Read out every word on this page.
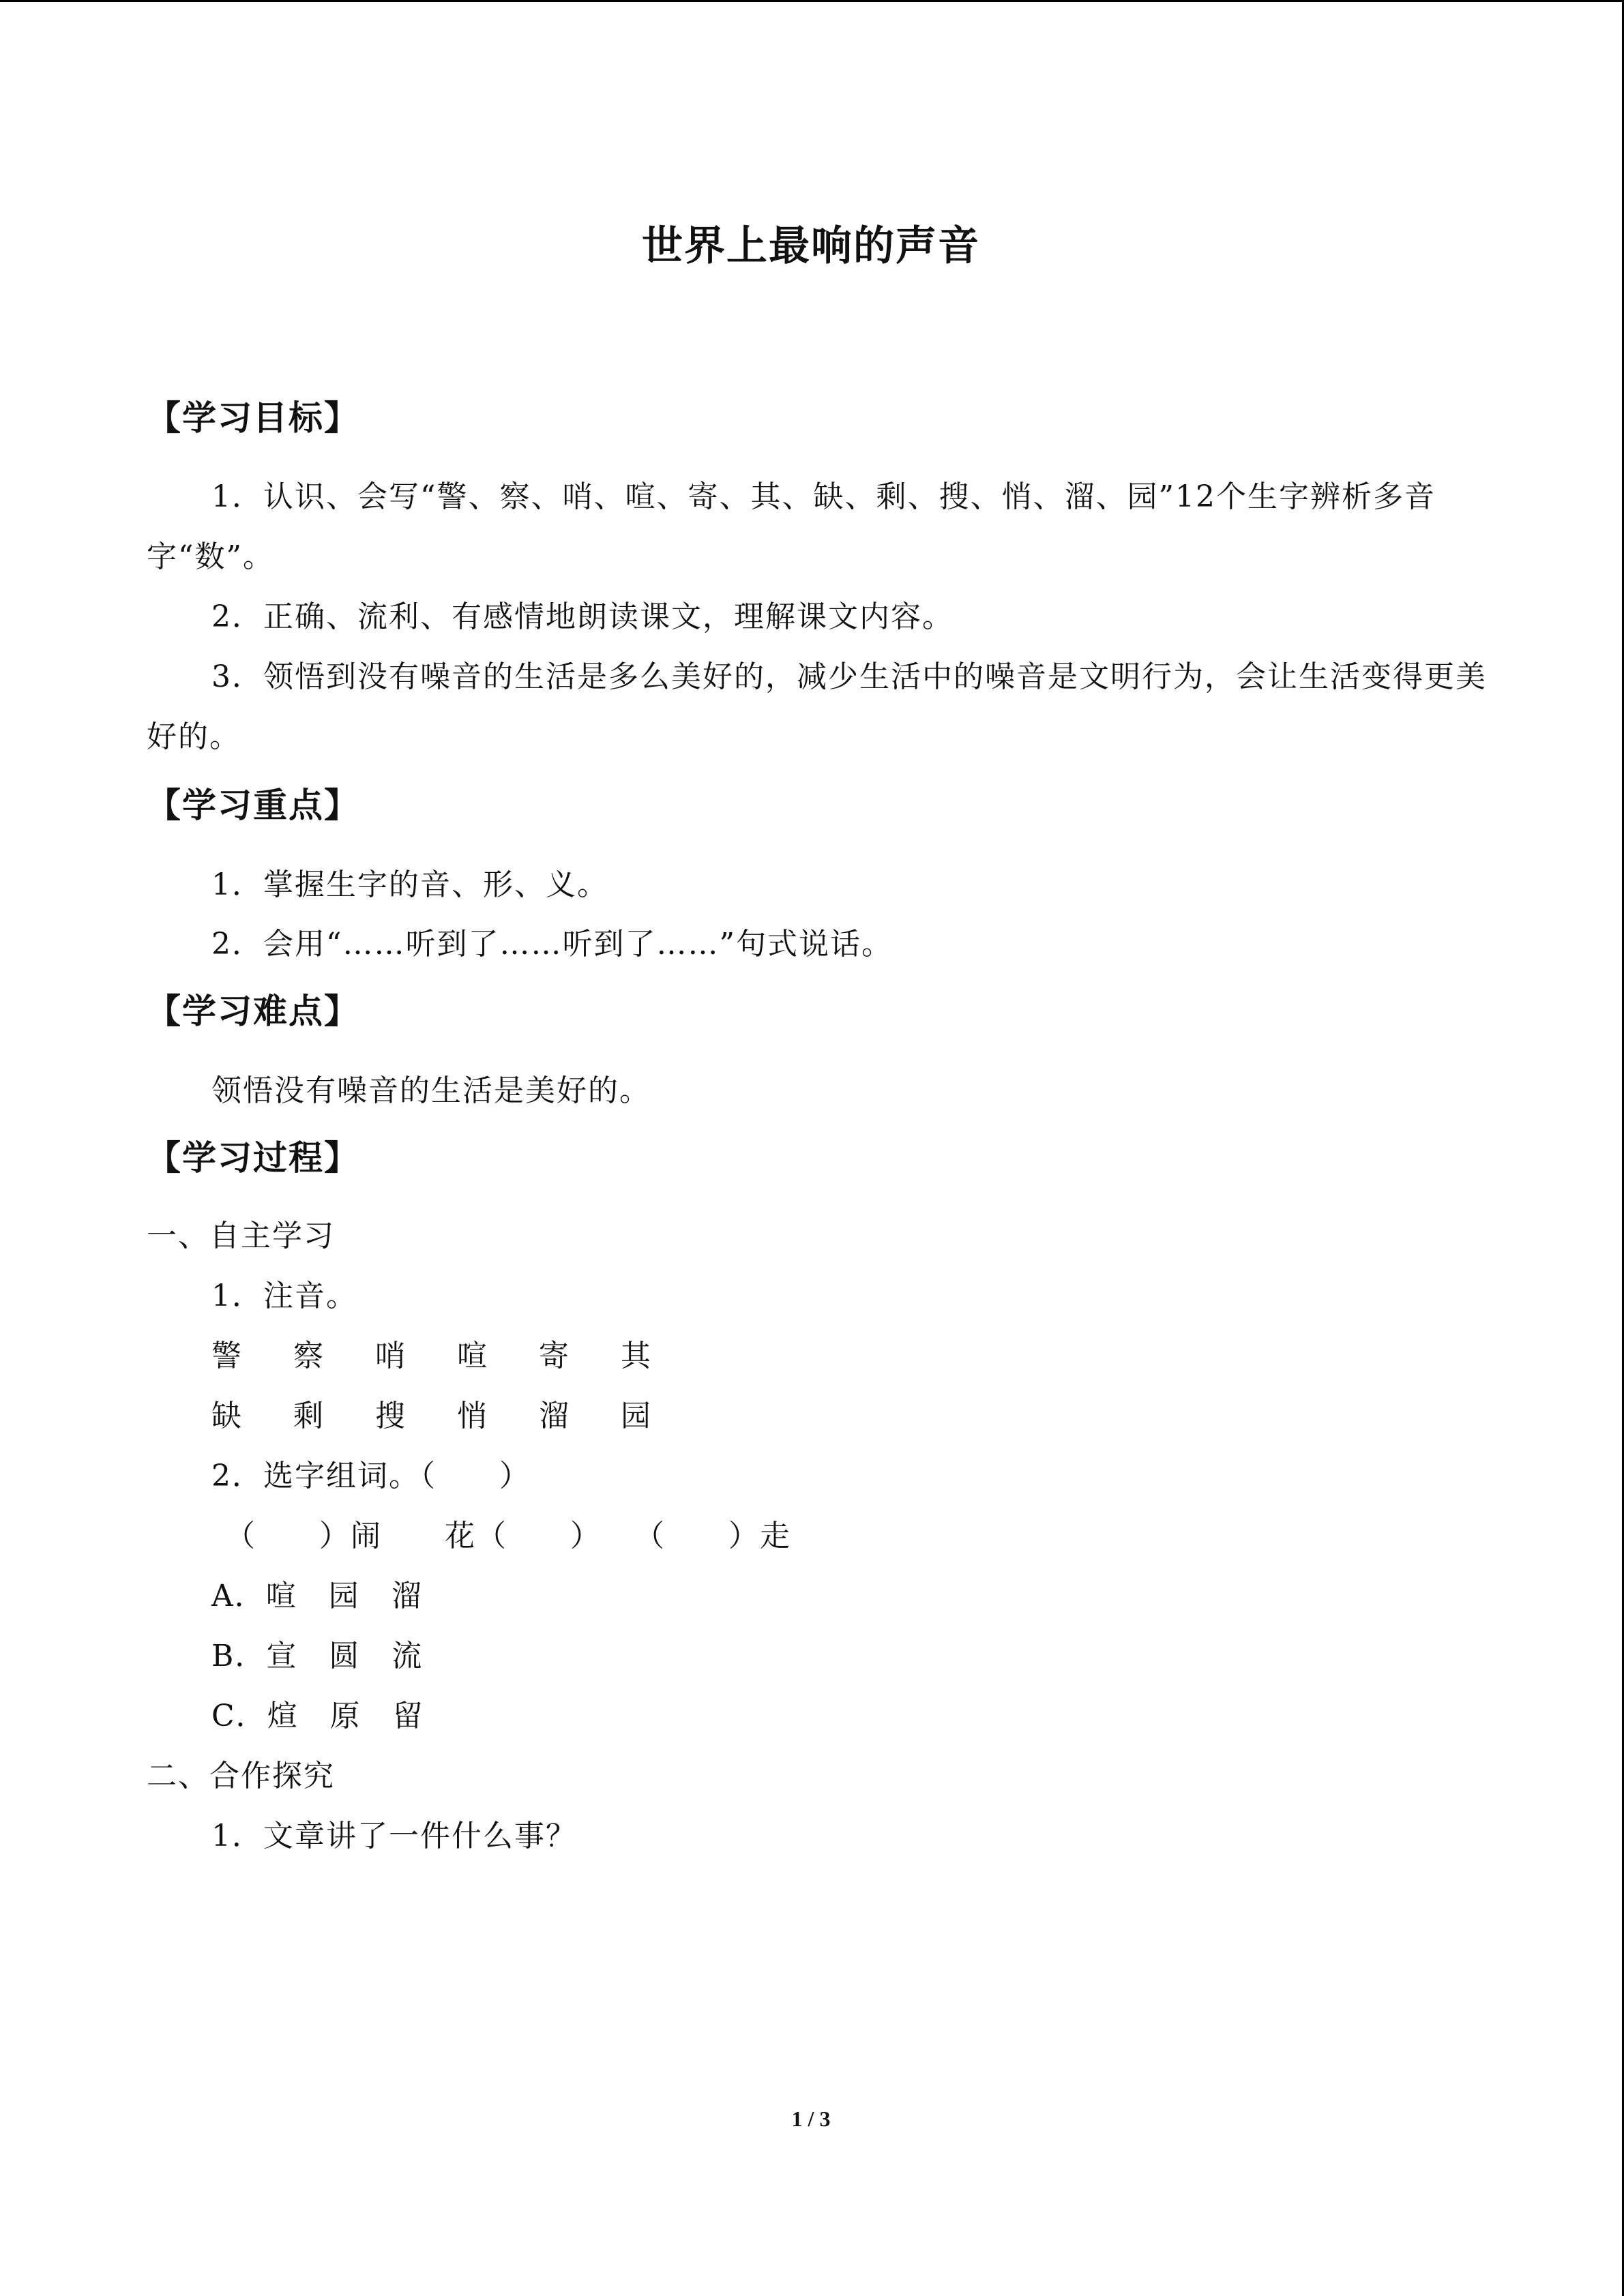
世界上最响的声音
【学习目标】
1．认识、会写“警、察、哨、喧、寄、其、缺、剩、搜、悄、溜、园”12个生字辨析多音字“数”。
2．正确、流利、有感情地朗读课文，理解课文内容。
3．领悟到没有噪音的生活是多么美好的，减少生活中的噪音是文明行为，会让生活变得更美好的。
【学习重点】
1．掌握生字的音、形、义。
2．会用“……听到了……听到了……”句式说话。
【学习难点】
领悟没有噪音的生活是美好的。
【学习过程】
一、自主学习
1．注音。
警 察 哨 喧 寄 其
缺 剩 搜 悄 溜 园
2．选字组词。（　　）
（　　）闹　　花（　　）　　（　　）走
A．喧　园　溜
B．宣　圆　流
C．煊　原　留
二、合作探究
1．文章讲了一件什么事？
1 / 3
